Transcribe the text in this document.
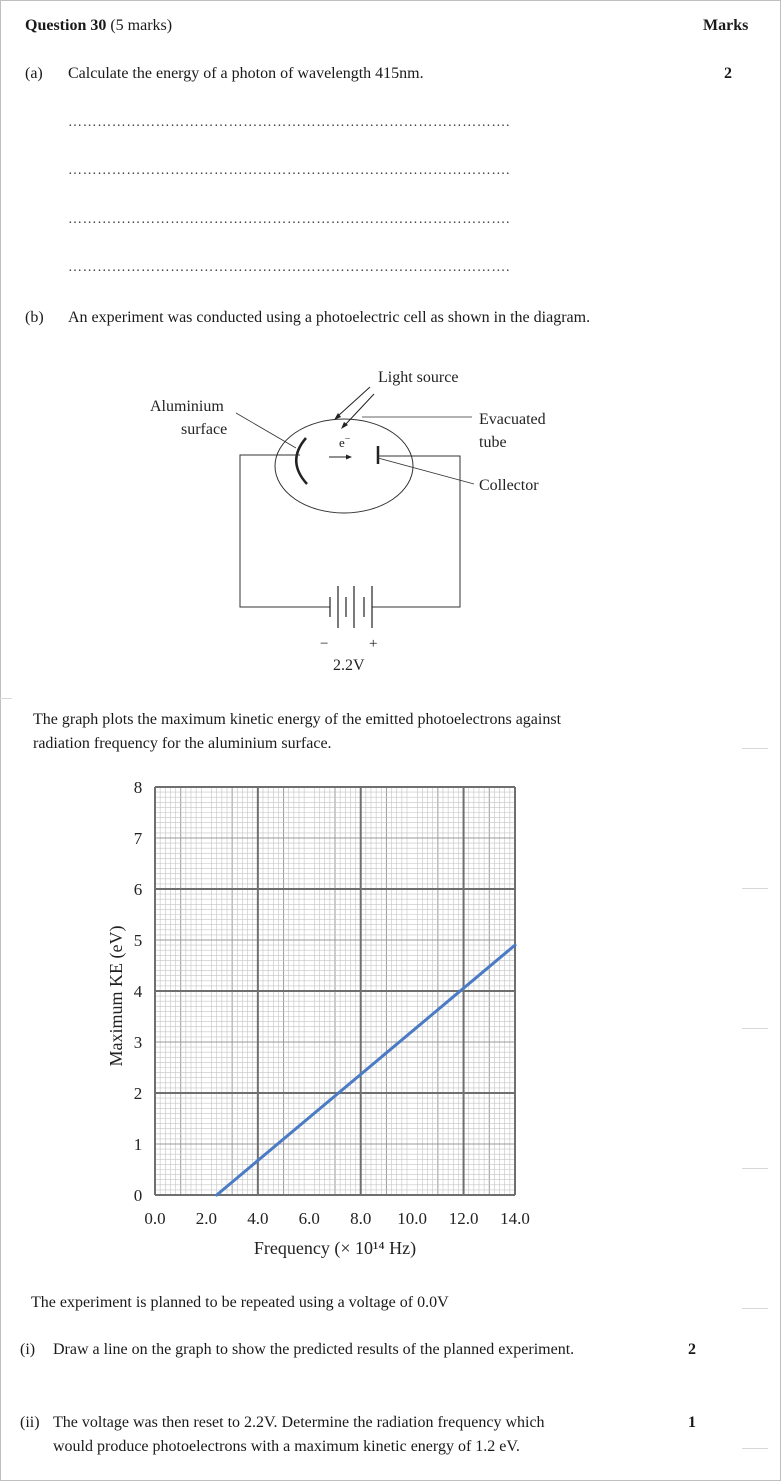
Question 30 (5 marks)	Marks
(a) Calculate the energy of a photon of wavelength 415nm.	2
……………………………………………………………………………….
……………………………………………………………………………….
……………………………………………………………………………….
……………………………………………………………………………….
(b) An experiment was conducted using a photoelectric cell as shown in the diagram.
e−
Light source
Aluminium
surface
Evacuated
tube
Collector
−	+
2.2V
The graph plots the maximum kinetic energy of the emitted photoelectrons against
radiation frequency for the aluminium surface.
0.0 2.0 4.0 6.0 8.0 10.0 12.0 14.0
0
1
2
3
4
5
6
7
8
Frequency (× 10¹⁴ Hz)
Maximum KE (eV)
The experiment is planned to be repeated using a voltage of 0.0V
(i) Draw a line on the graph to show the predicted results of the planned experiment.	2
(ii) The voltage was then reset to 2.2V. Determine the radiation frequency which
would produce photoelectrons with a maximum kinetic energy of 1.2 eV.
1
